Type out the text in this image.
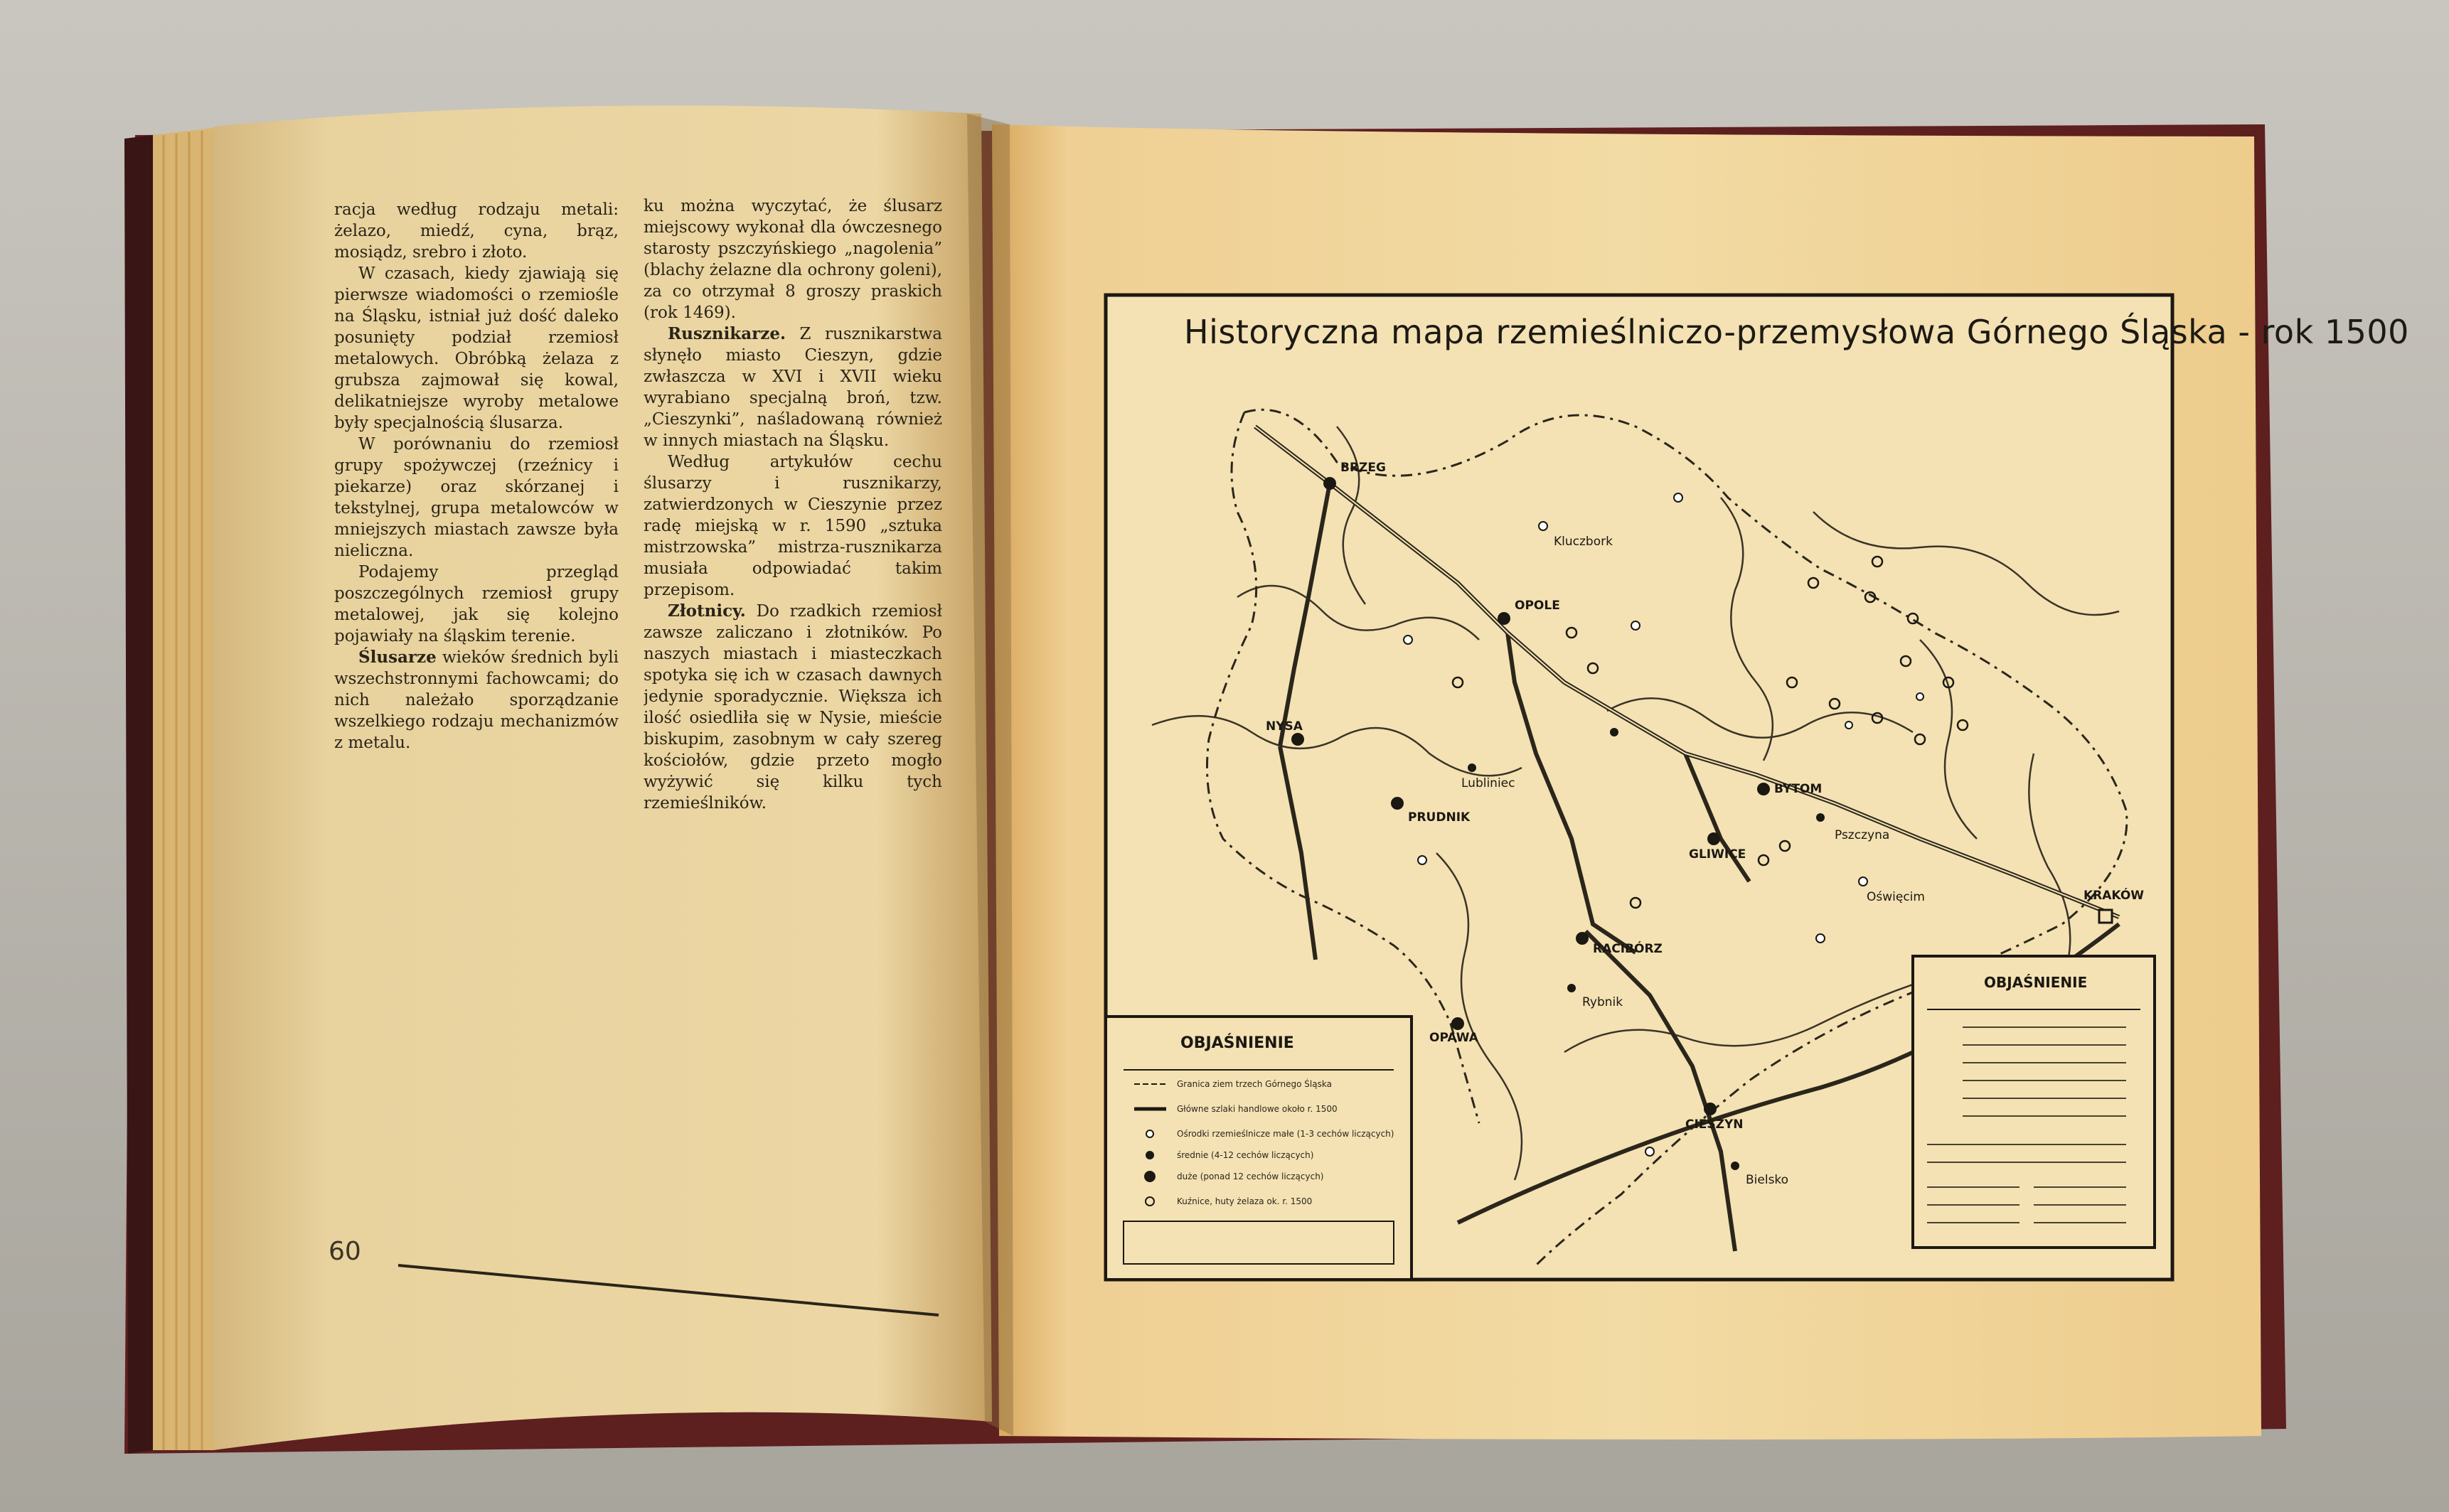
racja według rodzaju metali: żelazo, miedź, cyna, brąz, mosiądz, srebro i złoto.

W czasach, kiedy zjawiają się pierwsze wiadomości o rzemiośle na Śląsku, istniał już dość daleko posunięty podział rzemiosł metalowych. Obróbką żelaza z grubsza zajmował się kowal, delikatniejsze wyroby metalowe były specjalnością ślusarza.

W porównaniu do rzemiosł grupy spożywczej (rzeźnicy i piekarze) oraz skórzanej i tekstylnej, grupa metalowców w mniejszych miastach zawsze była nieliczna.

Podajemy przegląd poszczególnych rzemiosł grupy metalowej, jak się kolejno pojawiały na śląskim terenie.

Ślusarze wieków średnich byli wszechstronnymi fachowcami; do nich należało sporządzanie wszelkiego rodzaju mechanizmów z metalu.

ku można wyczytać, że ślusarz miejscowy wykonał dla ówczesnego starosty pszczyńskiego „nagolenia” (blachy żelazne dla ochrony goleni), za co otrzymał 8 groszy praskich (rok 1469).

Rusznikarze. Z rusznikarstwa słynęło miasto Cieszyn, gdzie zwłaszcza w XVI i XVII wieku wyrabiano specjalną broń, tzw. „Cieszynki”, naśladowaną również w innych miastach na Śląsku.

Według artykułów cechu ślusarzy i rusznikarzy, zatwierdzonych w Cieszynie przez radę miejską w r. 1590 „sztuka mistrzowska” mistrza-rusznikarza musiała odpowiadać takim przepisom.

Złotnicy. Do rzadkich rzemiosł zawsze zaliczano i złotników. Po naszych miastach i miasteczkach spotyka się ich w czasach dawnych jedynie sporadycznie. Większa ich ilość osiedliła się w Nysie, mieście biskupim, zasobnym w cały szereg kościołów, gdzie przeto mogło wyżywić się kilku tych rzemieślników.

60
Historyczna mapa rzemieślniczo-przemysłowa Górnego Śląska - rok 1500
BRZEG
OPOLE
NYSA
PRUDNIK
BYTOM
GLIWICE
RACIBÓRZ
OPAWA
CIESZYN
KRAKÓW
Kluczbork
Lubliniec
Pszczyna
Rybnik
Oświęcim
Bielsko
OBJAŚNIENIE
Granica ziem trzech Górnego Śląska
Główne szlaki handlowe około r. 1500
Ośrodki rzemieślnicze małe (1-3 cechów liczących)
średnie (4-12 cechów liczących)
duże (ponad 12 cechów liczących)
Kuźnice, huty żelaza ok. r. 1500
OBJAŚNIENIE
